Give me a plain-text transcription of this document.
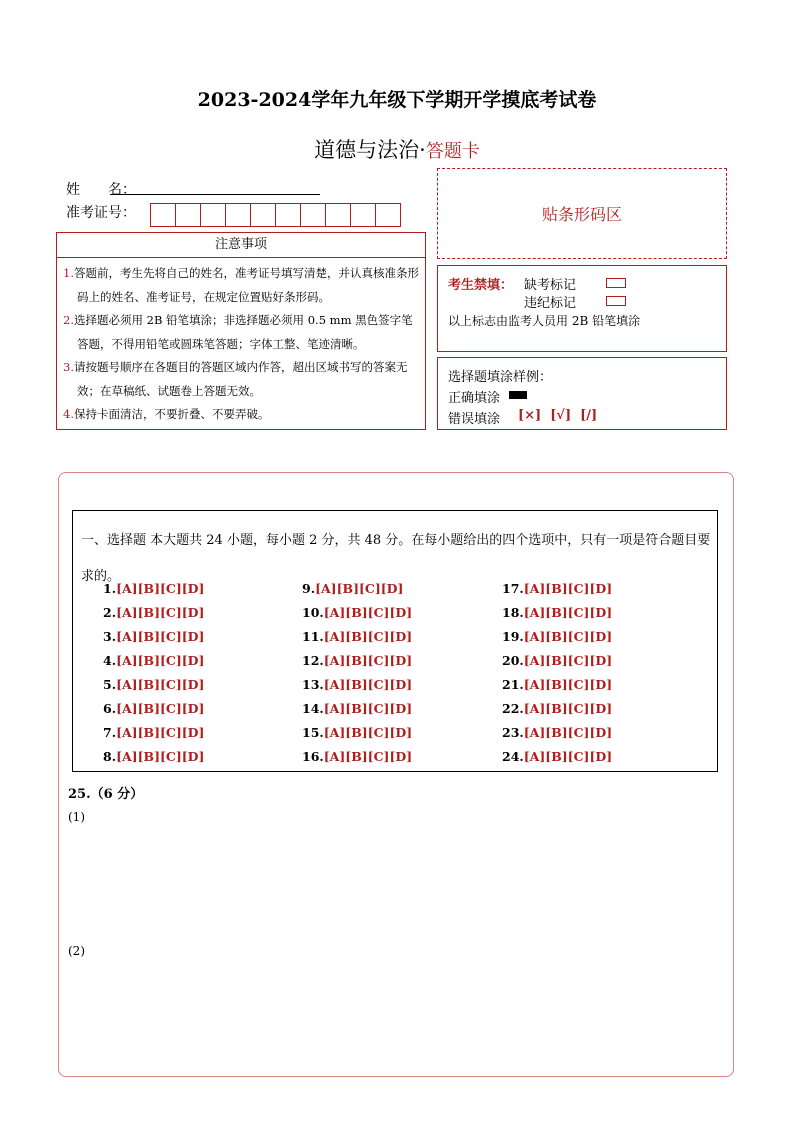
2023-2024学年九年级下学期开学摸底考试卷
道德与法治·答题卡
姓　　名：
准考证号：	贴条形码区
注意事项
1.答题前，考生先将自己的姓名，准考证号填写清楚，并认真核准条形码上的姓名、准考证号，在规定位置贴好条形码。
2.选择题必须用 2B 铅笔填涂；非选择题必须用 0.5 mm 黑色签字笔答题，不得用铅笔或圆珠笔答题；字体工整、笔迹清晰。
3.请按题号顺序在各题目的答题区域内作答，超出区域书写的答案无效；在草稿纸、试题卷上答题无效。
4.保持卡面清洁，不要折叠、不要弄破。
考生禁填： 缺考标记
违纪标记
以上标志由监考人员用 2B 铅笔填涂
选择题填涂样例：
正确填涂
错误填涂 [×]  [√]  [/]
一、选择题 本大题共 24 小题，每小题 2 分，共 48 分。在每小题给出的四个选项中，只有一项是符合题目要求的。
1.[A][B][C][D]
2.[A][B][C][D]
3.[A][B][C][D]
4.[A][B][C][D]
5.[A][B][C][D]
6.[A][B][C][D]
7.[A][B][C][D]
8.[A][B][C][D]
9.[A][B][C][D]
10.[A][B][C][D]
11.[A][B][C][D]
12.[A][B][C][D]
13.[A][B][C][D]
14.[A][B][C][D]
15.[A][B][C][D]
16.[A][B][C][D]
17.[A][B][C][D]
18.[A][B][C][D]
19.[A][B][C][D]
20.[A][B][C][D]
21.[A][B][C][D]
22.[A][B][C][D]
23.[A][B][C][D]
24.[A][B][C][D]
25.（6 分）
(1)
(2)
